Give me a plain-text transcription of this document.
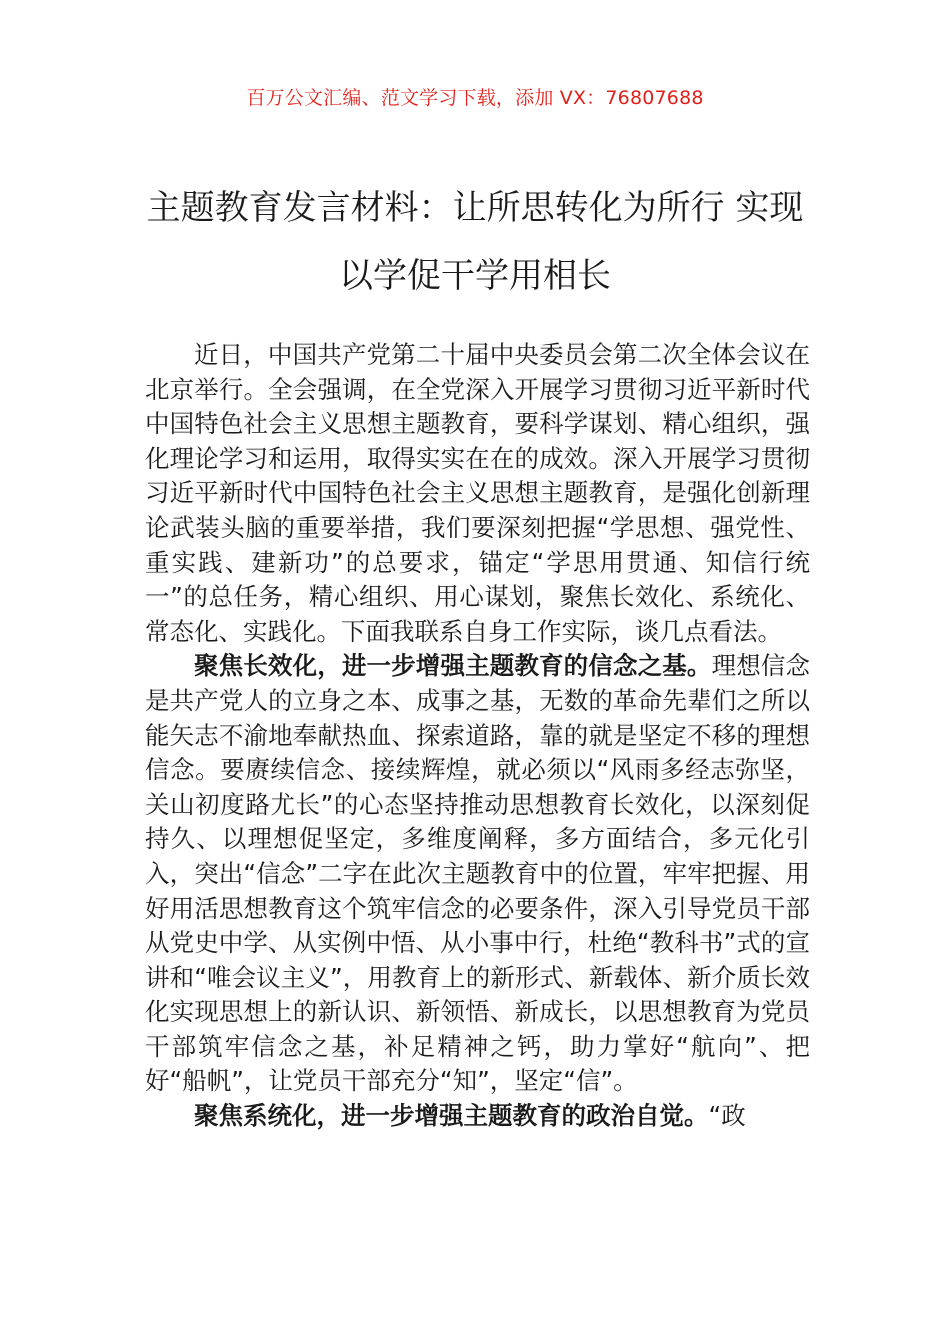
百万公文汇编、范文学习下载，添加 VX：76807688
主题教育发言材料：让所思转化为所行 实现以学促干学用相长

近日，中国共产党第二十届中央委员会第二次全体会议在北京举行。全会强调，在全党深入开展学习贯彻习近平新时代中国特色社会主义思想主题教育，要科学谋划、精心组织，强化理论学习和运用，取得实实在在的成效。深入开展学习贯彻习近平新时代中国特色社会主义思想主题教育，是强化创新理论武装头脑的重要举措，我们要深刻把握“学思想、强党性、重实践、建新功”的总要求，锚定“学思用贯通、知信行统一”的总任务，精心组织、用心谋划，聚焦长效化、系统化、常态化、实践化。下面我联系自身工作实际，谈几点看法。

聚焦长效化，进一步增强主题教育的信念之基。理想信念是共产党人的立身之本、成事之基，无数的革命先辈们之所以能矢志不渝地奉献热血、探索道路，靠的就是坚定不移的理想信念。要赓续信念、接续辉煌，就必须以“风雨多经志弥坚，关山初度路尤长”的心态坚持推动思想教育长效化，以深刻促持久、以理想促坚定，多维度阐释，多方面结合，多元化引入，突出“信念”二字在此次主题教育中的位置，牢牢把握、用好用活思想教育这个筑牢信念的必要条件，深入引导党员干部从党史中学、从实例中悟、从小事中行，杜绝“教科书”式的宣讲和“唯会议主义”，用教育上的新形式、新载体、新介质长效化实现思想上的新认识、新领悟、新成长，以思想教育为党员干部筑牢信念之基，补足精神之钙，助力掌好“航向”、把好“船帆”，让党员干部充分“知”，坚定“信”。

聚焦系统化，进一步增强主题教育的政治自觉。“政
